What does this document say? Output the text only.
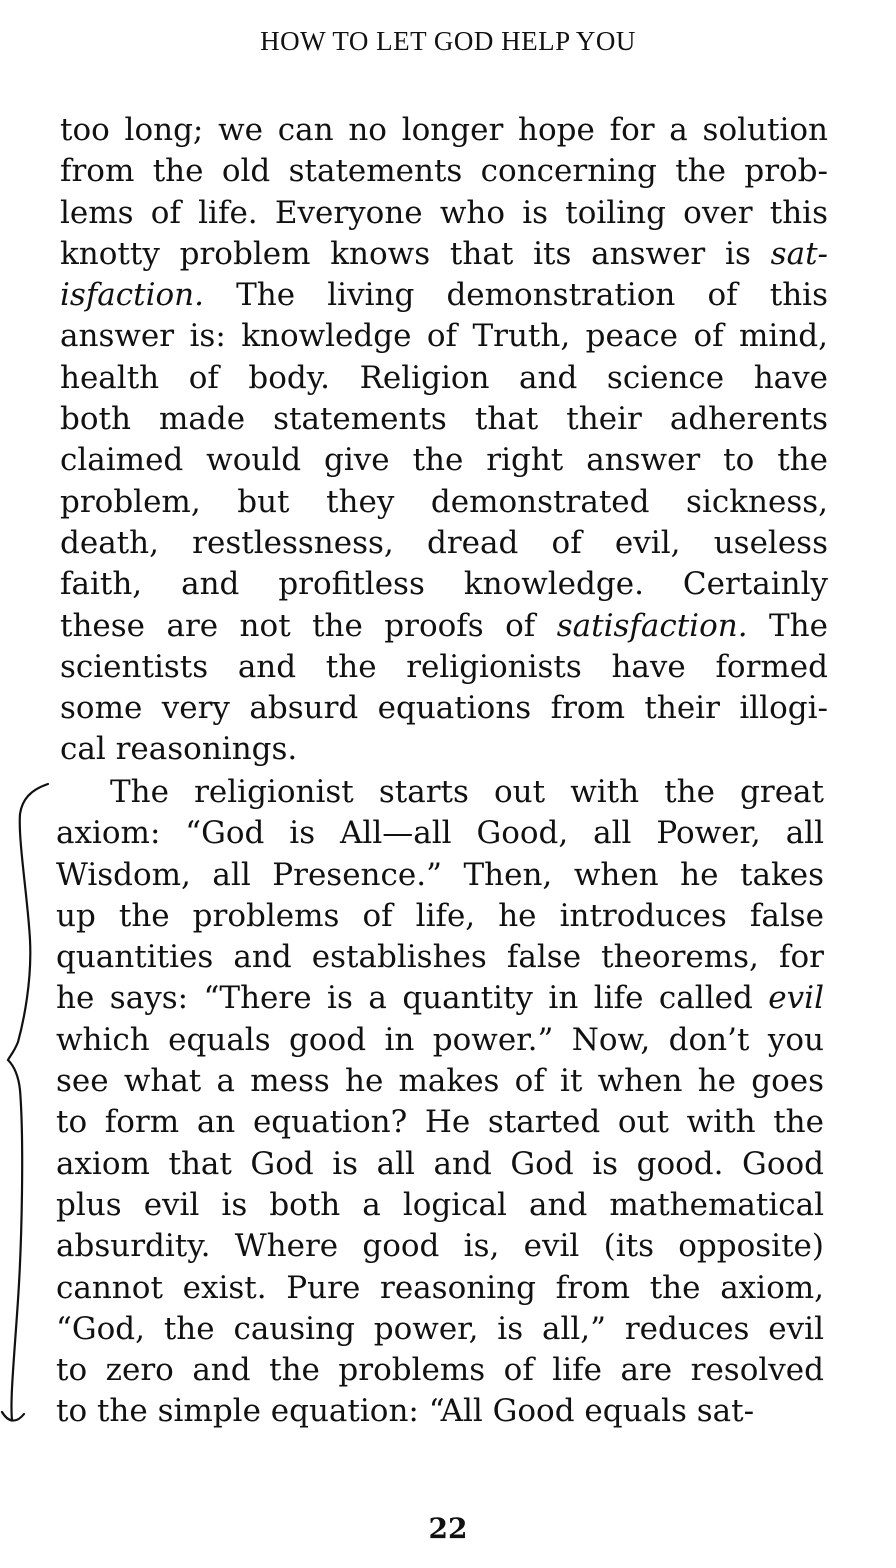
HOW TO LET GOD HELP YOU
too long; we can no longer hope for a solution
from the old statements concerning the prob-
lems of life. Everyone who is toiling over this
knotty problem knows that its answer is sat-
isfaction. The living demonstration of this
answer is: knowledge of Truth, peace of mind,
health of body. Religion and science have
both made statements that their adherents
claimed would give the right answer to the
problem, but they demonstrated sickness,
death, restlessness, dread of evil, useless
faith, and profitless knowledge. Certainly
these are not the proofs of satisfaction. The
scientists and the religionists have formed
some very absurd equations from their illogi-
cal reasonings.
The religionist starts out with the great
axiom: “God is All—all Good, all Power, all
Wisdom, all Presence.” Then, when he takes
up the problems of life, he introduces false
quantities and establishes false theorems, for
he says: “There is a quantity in life called evil
which equals good in power.” Now, don’t you
see what a mess he makes of it when he goes
to form an equation? He started out with the
axiom that God is all and God is good. Good
plus evil is both a logical and mathematical
absurdity. Where good is, evil (its opposite)
cannot exist. Pure reasoning from the axiom,
“God, the causing power, is all,” reduces evil
to zero and the problems of life are resolved
to the simple equation: “All Good equals sat-
22
